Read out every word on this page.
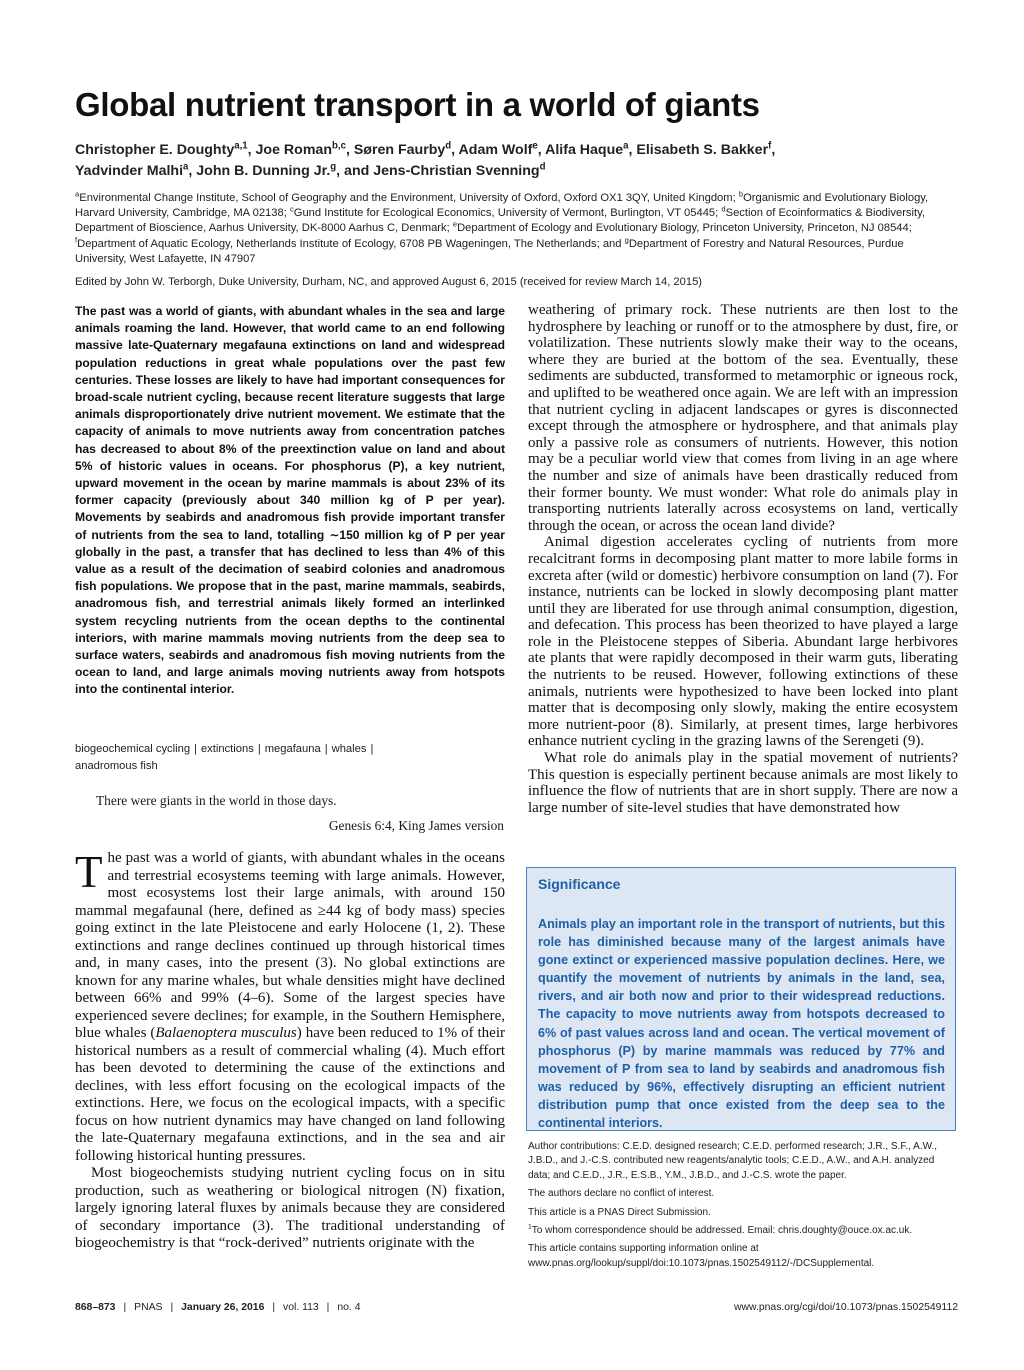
Global nutrient transport in a world of giants
Christopher E. Doughty$^{a,1}$, Joe Roman$^{b,c}$, Søren Faurby$^d$, Adam Wolf$^e$, Alifa Haque$^a$, Elisabeth S. Bakker$^f$,
Yadvinder Malhi$^a$, John B. Dunning Jr.$^g$, and Jens-Christian Svenning$^d$
$^a$Environmental Change Institute, School of Geography and the Environment, University of Oxford, Oxford OX1 3QY, United Kingdom; $^b$Organismic and Evolutionary Biology, Harvard University, Cambridge, MA 02138; $^c$Gund Institute for Ecological Economics, University of Vermont, Burlington, VT 05445; $^d$Section of Ecoinformatics & Biodiversity, Department of Bioscience, Aarhus University, DK-8000 Aarhus C, Denmark; $^e$Department of Ecology and Evolutionary Biology, Princeton University, Princeton, NJ 08544; $^f$Department of Aquatic Ecology, Netherlands Institute of Ecology, 6708 PB Wageningen, The Netherlands; and $^g$Department of Forestry and Natural Resources, Purdue University, West Lafayette, IN 47907
Edited by John W. Terborgh, Duke University, Durham, NC, and approved August 6, 2015 (received for review March 14, 2015)
The past was a world of giants, with abundant whales in the sea and large animals roaming the land. However, that world came to an end following massive late-Quaternary megafauna extinctions on land and widespread population reductions in great whale populations over the past few centuries. These losses are likely to have had important consequences for broad-scale nutrient cycling, because recent literature suggests that large animals disproportionately drive nutrient movement. We estimate that the capacity of animals to move nutrients away from concentration patches has decreased to about 8% of the preextinction value on land and about 5% of historic values in oceans. For phosphorus (P), a key nutrient, upward movement in the ocean by marine mammals is about 23% of its former capacity (previously about 340 million kg of P per year). Movements by seabirds and anadromous fish provide important transfer of nutrients from the sea to land, totalling ∼150 million kg of P per year globally in the past, a transfer that has declined to less than 4% of this value as a result of the decimation of seabird colonies and anadromous fish populations. We propose that in the past, marine mammals, seabirds, anadromous fish, and terrestrial animals likely formed an interlinked system recycling nutrients from the ocean depths to the continental interiors, with marine mammals moving nutrients from the deep sea to surface waters, seabirds and anadromous fish moving nutrients from the ocean to land, and large animals moving nutrients away from hotspots into the continental interior.
biogeochemical cycling | extinctions | megafauna | whales |
anadromous fish
There were giants in the world in those days.
Genesis 6:4, King James version

The past was a world of giants, with abundant whales in the oceans and terrestrial ecosystems teeming with large animals. However, most ecosystems lost their large animals, with around 150 mammal megafaunal (here, defined as ≥44 kg of body mass) species going extinct in the late Pleistocene and early Holocene (1, 2). These extinctions and range declines continued up through historical times and, in many cases, into the present (3). No global extinctions are known for any marine whales, but whale densities might have declined between 66% and 99% (4–6). Some of the largest species have experienced severe declines; for example, in the Southern Hemisphere, blue whales (Balaenoptera musculus) have been reduced to 1% of their historical numbers as a result of commercial whaling (4). Much effort has been devoted to determining the cause of the extinctions and declines, with less effort focusing on the ecological impacts of the extinctions. Here, we focus on the ecological impacts, with a specific focus on how nutrient dynamics may have changed on land following the late-Quaternary megafauna extinctions, and in the sea and air following historical hunting pressures.

Most biogeochemists studying nutrient cycling focus on in situ production, such as weathering or biological nitrogen (N) fixation, largely ignoring lateral fluxes by animals because they are considered of secondary importance (3). The traditional understanding of biogeochemistry is that “rock-derived” nutrients originate with the

weathering of primary rock. These nutrients are then lost to the hydrosphere by leaching or runoff or to the atmosphere by dust, fire, or volatilization. These nutrients slowly make their way to the oceans, where they are buried at the bottom of the sea. Eventually, these sediments are subducted, transformed to metamorphic or igneous rock, and uplifted to be weathered once again. We are left with an impression that nutrient cycling in adjacent landscapes or gyres is disconnected except through the atmosphere or hydrosphere, and that animals play only a passive role as consumers of nutrients. However, this notion may be a peculiar world view that comes from living in an age where the number and size of animals have been drastically reduced from their former bounty. We must wonder: What role do animals play in transporting nutrients laterally across ecosystems on land, vertically through the ocean, or across the ocean land divide?

Animal digestion accelerates cycling of nutrients from more recalcitrant forms in decomposing plant matter to more labile forms in excreta after (wild or domestic) herbivore consumption on land (7). For instance, nutrients can be locked in slowly decomposing plant matter until they are liberated for use through animal consumption, digestion, and defecation. This process has been theorized to have played a large role in the Pleistocene steppes of Siberia. Abundant large herbivores ate plants that were rapidly decomposed in their warm guts, liberating the nutrients to be reused. However, following extinctions of these animals, nutrients were hypothesized to have been locked into plant matter that is decomposing only slowly, making the entire ecosystem more nutrient-poor (8). Similarly, at present times, large herbivores enhance nutrient cycling in the grazing lawns of the Serengeti (9).

What role do animals play in the spatial movement of nutrients? This question is especially pertinent because animals are most likely to influence the flow of nutrients that are in short supply. There are now a large number of site-level studies that have demonstrated how

Significance
Animals play an important role in the transport of nutrients, but this role has diminished because many of the largest animals have gone extinct or experienced massive population declines. Here, we quantify the movement of nutrients by animals in the land, sea, rivers, and air both now and prior to their widespread reductions. The capacity to move nutrients away from hotspots decreased to 6% of past values across land and ocean. The vertical movement of phosphorus (P) by marine mammals was reduced by 77% and movement of P from sea to land by seabirds and anadromous fish was reduced by 96%, effectively disrupting an efficient nutrient distribution pump that once existed from the deep sea to the continental interiors.

Author contributions: C.E.D. designed research; C.E.D. performed research; J.R., S.F., A.W., J.B.D., and J.-C.S. contributed new reagents/analytic tools; C.E.D., A.W., and A.H. analyzed data; and C.E.D., J.R., E.S.B., Y.M., J.B.D., and J.-C.S. wrote the paper.

The authors declare no conflict of interest.

This article is a PNAS Direct Submission.

$^1$To whom correspondence should be addressed. Email: chris.doughty@ouce.ox.ac.uk.

This article contains supporting information online at www.pnas.org/lookup/suppl/doi:10.1073/pnas.1502549112/-/DCSupplemental.

868–873 | PNAS | January 26, 2016 | vol. 113 | no. 4	www.pnas.org/cgi/doi/10.1073/pnas.1502549112
